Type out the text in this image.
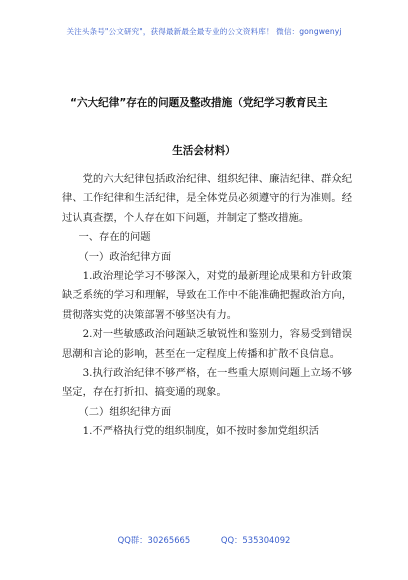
关注头条号"公文研究"，获得最新最全最专业的公文资料库！ 微信：gongwenyj
“六大纪律”存在的问题及整改措施（党纪学习教育民主
生活会材料）

党的六大纪律包括政治纪律、组织纪律、廉洁纪律、群众纪律、工作纪律和生活纪律，是全体党员必须遵守的行为准则。经过认真查摆，个人存在如下问题，并制定了整改措施。

一、存在的问题

（一）政治纪律方面

1.政治理论学习不够深入，对党的最新理论成果和方针政策缺乏系统的学习和理解，导致在工作中不能准确把握政治方向，贯彻落实党的决策部署不够坚决有力。

2.对一些敏感政治问题缺乏敏锐性和鉴别力，容易受到错误思潮和言论的影响，甚至在一定程度上传播和扩散不良信息。

3.执行政治纪律不够严格，在一些重大原则问题上立场不够坚定，存在打折扣、搞变通的现象。

（二）组织纪律方面

1.不严格执行党的组织制度，如不按时参加党组织活

QQ群：30265665	QQ：535304092
